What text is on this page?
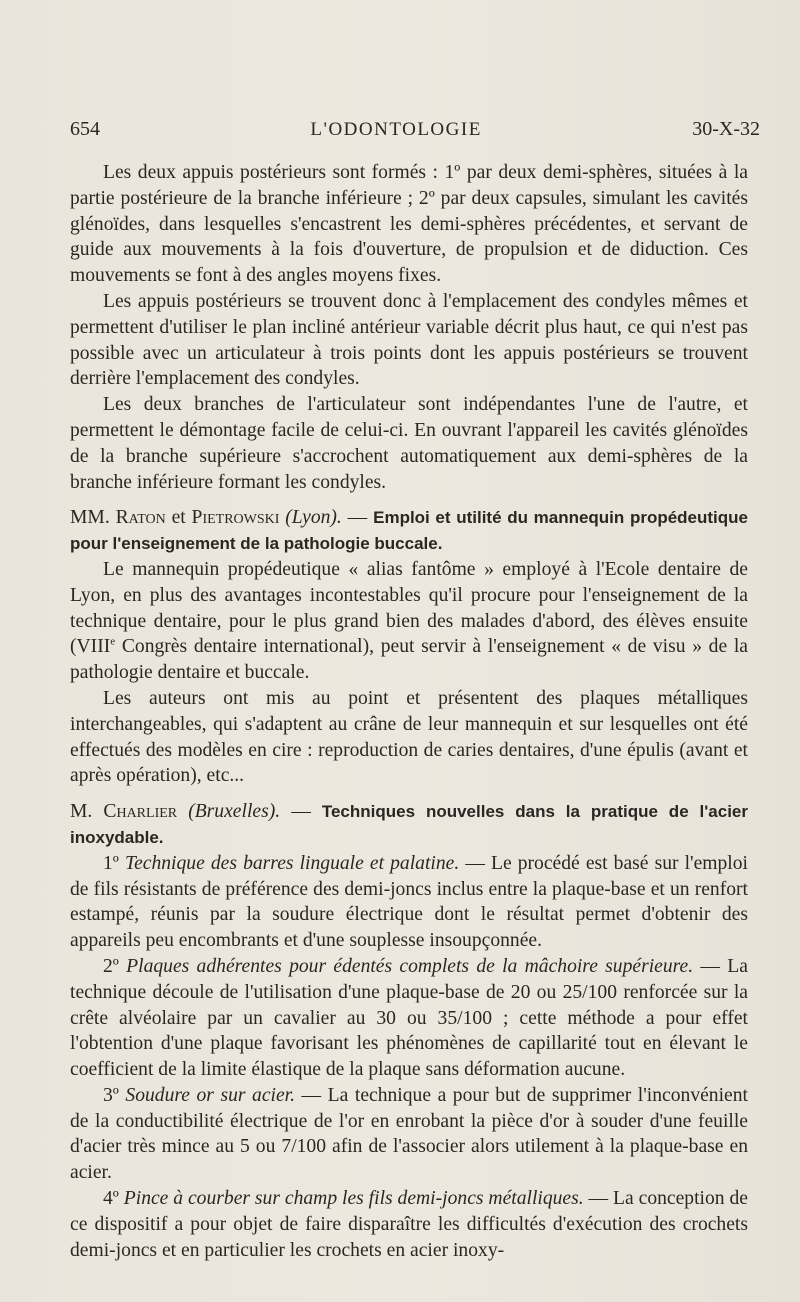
654	L'ODONTOLOGIE	30-X-32

Les deux appuis postérieurs sont formés : 1º par deux demi-sphères, situées à la partie postérieure de la branche inférieure ; 2º par deux capsules, simulant les cavités glénoïdes, dans lesquelles s'encastrent les demi-sphères précédentes, et servant de guide aux mouvements à la fois d'ouverture, de propulsion et de diduction. Ces mouvements se font à des angles moyens fixes.

Les appuis postérieurs se trouvent donc à l'emplacement des condyles mêmes et permettent d'utiliser le plan incliné antérieur variable décrit plus haut, ce qui n'est pas possible avec un articulateur à trois points dont les appuis postérieurs se trouvent derrière l'emplacement des condyles.

Les deux branches de l'articulateur sont indépendantes l'une de l'autre, et permettent le démontage facile de celui-ci. En ouvrant l'appareil les cavités glénoïdes de la branche supérieure s'accrochent automatiquement aux demi-sphères de la branche inférieure formant les condyles.

MM. Raton et Pietrowski (Lyon). — Emploi et utilité du mannequin propédeutique pour l'enseignement de la pathologie buccale.

Le mannequin propédeutique « alias fantôme » employé à l'Ecole dentaire de Lyon, en plus des avantages incontestables qu'il procure pour l'enseignement de la technique dentaire, pour le plus grand bien des malades d'abord, des élèves ensuite (VIIIe Congrès dentaire international), peut servir à l'enseignement « de visu » de la pathologie dentaire et buccale.

Les auteurs ont mis au point et présentent des plaques métalliques interchangeables, qui s'adaptent au crâne de leur mannequin et sur lesquelles ont été effectués des modèles en cire : reproduction de caries dentaires, d'une épulis (avant et après opération), etc...

M. Charlier (Bruxelles). — Techniques nouvelles dans la pratique de l'acier inoxydable.

1º Technique des barres linguale et palatine. — Le procédé est basé sur l'emploi de fils résistants de préférence des demi-joncs inclus entre la plaque-base et un renfort estampé, réunis par la soudure électrique dont le résultat permet d'obtenir des appareils peu encombrants et d'une souplesse insoupçonnée.

2º Plaques adhérentes pour édentés complets de la mâchoire supérieure. — La technique découle de l'utilisation d'une plaque-base de 20 ou 25/100 renforcée sur la crête alvéolaire par un cavalier au 30 ou 35/100 ; cette méthode a pour effet l'obtention d'une plaque favorisant les phénomènes de capillarité tout en élevant le coefficient de la limite élastique de la plaque sans déformation aucune.

3º Soudure or sur acier. — La technique a pour but de supprimer l'inconvénient de la conductibilité électrique de l'or en enrobant la pièce d'or à souder d'une feuille d'acier très mince au 5 ou 7/100 afin de l'associer alors utilement à la plaque-base en acier.

4º Pince à courber sur champ les fils demi-joncs métalliques. — La conception de ce dispositif a pour objet de faire disparaître les difficultés d'exécution des crochets demi-joncs et en particulier les crochets en acier inoxy-
